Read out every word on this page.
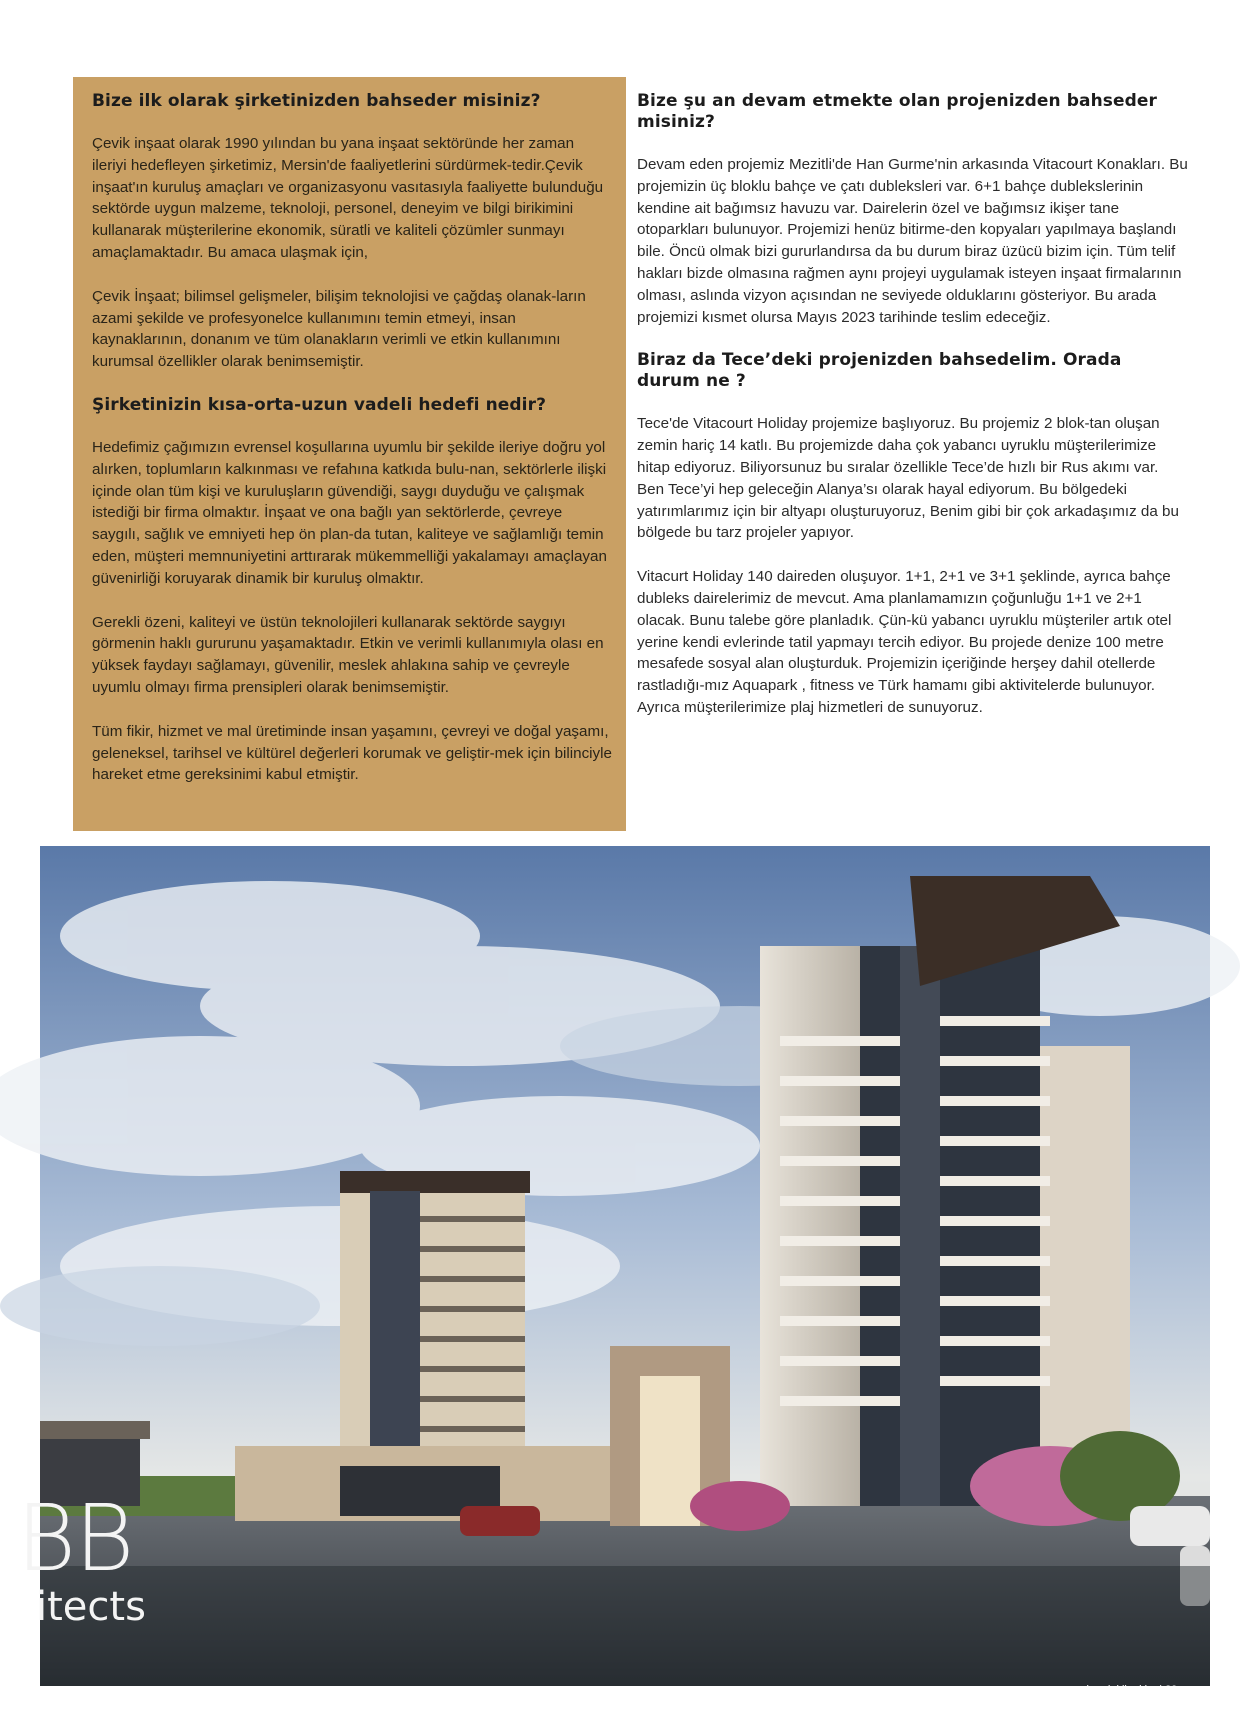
Bize ilk olarak şirketinizden bahseder misiniz?

Çevik inşaat olarak 1990 yılından bu yana inşaat sektöründe her zaman ileriyi hedefleyen şirketimiz, Mersin'de faaliyetlerini sürdürmek-tedir.Çevik inşaat'ın kuruluş amaçları ve organizasyonu vasıtasıyla faaliyette bulunduğu sektörde uygun malzeme, teknoloji, personel, deneyim ve bilgi birikimini kullanarak müşterilerine ekonomik, süratli ve kaliteli çözümler sunmayı amaçlamaktadır. Bu amaca ulaşmak için,

Çevik İnşaat; bilimsel gelişmeler, bilişim teknolojisi ve çağdaş olanak-ların azami şekilde ve profesyonelce kullanımını temin etmeyi, insan kaynaklarının, donanım ve tüm olanakların verimli ve etkin kullanımını kurumsal özellikler olarak benimsemiştir.

Şirketinizin kısa-orta-uzun vadeli hedefi nedir?

Hedefimiz çağımızın evrensel koşullarına uyumlu bir şekilde ileriye doğru yol alırken, toplumların kalkınması ve refahına katkıda bulu-nan, sektörlerle ilişki içinde olan tüm kişi ve kuruluşların güvendiği, saygı duyduğu ve çalışmak istediği bir firma olmaktır. İnşaat ve ona bağlı yan sektörlerde, çevreye saygılı, sağlık ve emniyeti hep ön plan-da tutan, kaliteye ve sağlamlığı temin eden, müşteri memnuniyetini arttırarak mükemmelliği yakalamayı amaçlayan güvenirliği koruyarak dinamik bir kuruluş olmaktır.

Gerekli özeni, kaliteyi ve üstün teknolojileri kullanarak sektörde saygıyı görmenin haklı gururunu yaşamaktadır. Etkin ve verimli kullanımıyla olası en yüksek faydayı sağlamayı, güvenilir, meslek ahlakına sahip ve çevreyle uyumlu olmayı firma prensipleri olarak benimsemiştir.

Tüm fikir, hizmet ve mal üretiminde insan yaşamını, çevreyi ve doğal yaşamı, geleneksel, tarihsel ve kültürel değerleri korumak ve geliştir-mek için bilinciyle hareket etme gereksinimi kabul etmiştir.

Bize şu an devam etmekte olan projenizden bahseder misiniz?

Devam eden projemiz Mezitli'de Han Gurme'nin arkasında Vitacourt Konakları. Bu projemizin üç bloklu bahçe ve çatı dubleksleri var. 6+1 bahçe dublekslerinin kendine ait bağımsız havuzu var. Dairelerin özel ve bağımsız ikişer tane otoparkları bulunuyor. Projemizi henüz bitirme-den kopyaları yapılmaya başlandı bile. Öncü olmak bizi gururlandırsa da bu durum biraz üzücü bizim için. Tüm telif hakları bizde olmasına rağmen aynı projeyi uygulamak isteyen inşaat firmalarının olması, aslında vizyon açısından ne seviyede olduklarını gösteriyor. Bu arada projemizi kısmet olursa Mayıs 2023 tarihinde teslim edeceğiz.

Biraz da Tece’deki projenizden bahsedelim. Orada durum ne ?

Tece'de Vitacourt Holiday projemize başlıyoruz. Bu projemiz 2 blok-tan oluşan zemin hariç 14 katlı. Bu projemizde daha çok yabancı uyruklu müşterilerimize hitap ediyoruz. Biliyorsunuz bu sıralar özellikle Tece’de hızlı bir Rus akımı var. Ben Tece’yi hep geleceğin Alanya’sı olarak hayal ediyorum. Bu bölgedeki yatırımlarımız için bir altyapı oluşturuyoruz, Benim gibi bir çok arkadaşımız da bu bölgede bu tarz projeler yapıyor.

Vitacurt Holiday 140 daireden oluşuyor. 1+1, 2+1 ve 3+1 şeklinde, ayrıca bahçe dubleks dairelerimiz de mevcut. Ama planlamamızın çoğunluğu 1+1 ve 2+1 olacak. Bunu talebe göre planladık. Çün-kü yabancı uyruklu müşteriler artık otel yerine kendi evlerinde tatil yapmayı tercih ediyor. Bu projede denize 100 metre mesafede sosyal alan oluşturduk. Projemizin içeriğinde herşey dahil otellerde rastladığı-mız Aquapark , fitness ve Türk hamamı gibi aktivitelerde bulunuyor. Ayrıca müşterilerimize plaj hizmetleri de sunuyoruz.

BB
itects
zirvedekiler.kim | 39
